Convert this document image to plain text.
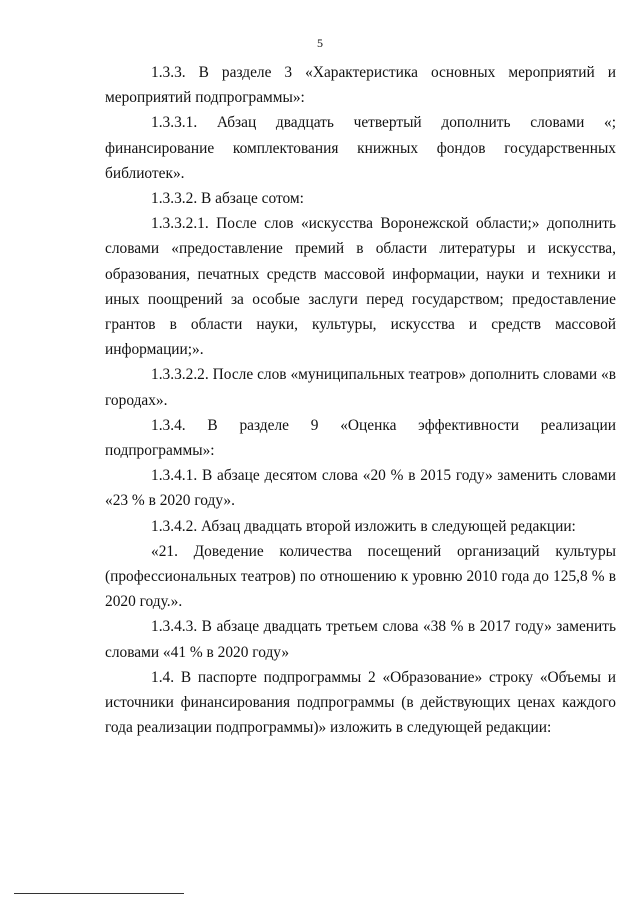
5

1.3.3. В разделе 3 «Характеристика основных мероприятий и мероприятий подпрограммы»:

1.3.3.1. Абзац двадцать четвертый дополнить словами «; финансирование комплектования книжных фондов государственных библиотек».

1.3.3.2. В абзаце сотом:

1.3.3.2.1. После слов «искусства Воронежской области;» дополнить словами «предоставление премий в области литературы и искусства, образования, печатных средств массовой информации, науки и техники и иных поощрений за особые заслуги перед государством; предоставление грантов в области науки, культуры, искусства и средств массовой информации;».

1.3.3.2.2. После слов «муниципальных театров» дополнить словами «в городах».

1.3.4. В разделе 9 «Оценка эффективности реализации подпрограммы»:

1.3.4.1. В абзаце десятом слова «20 % в 2015 году» заменить словами «23 % в 2020 году».

1.3.4.2. Абзац двадцать второй изложить в следующей редакции:

«21. Доведение количества посещений организаций культуры (профессиональных театров) по отношению к уровню 2010 года до 125,8 % в 2020 году.».

1.3.4.3. В абзаце двадцать третьем слова «38 % в 2017 году» заменить словами «41 % в 2020 году»

1.4. В паспорте подпрограммы 2 «Образование» строку «Объемы и источники финансирования подпрограммы (в действующих ценах каждого года реализации подпрограммы)» изложить в следующей редакции:
